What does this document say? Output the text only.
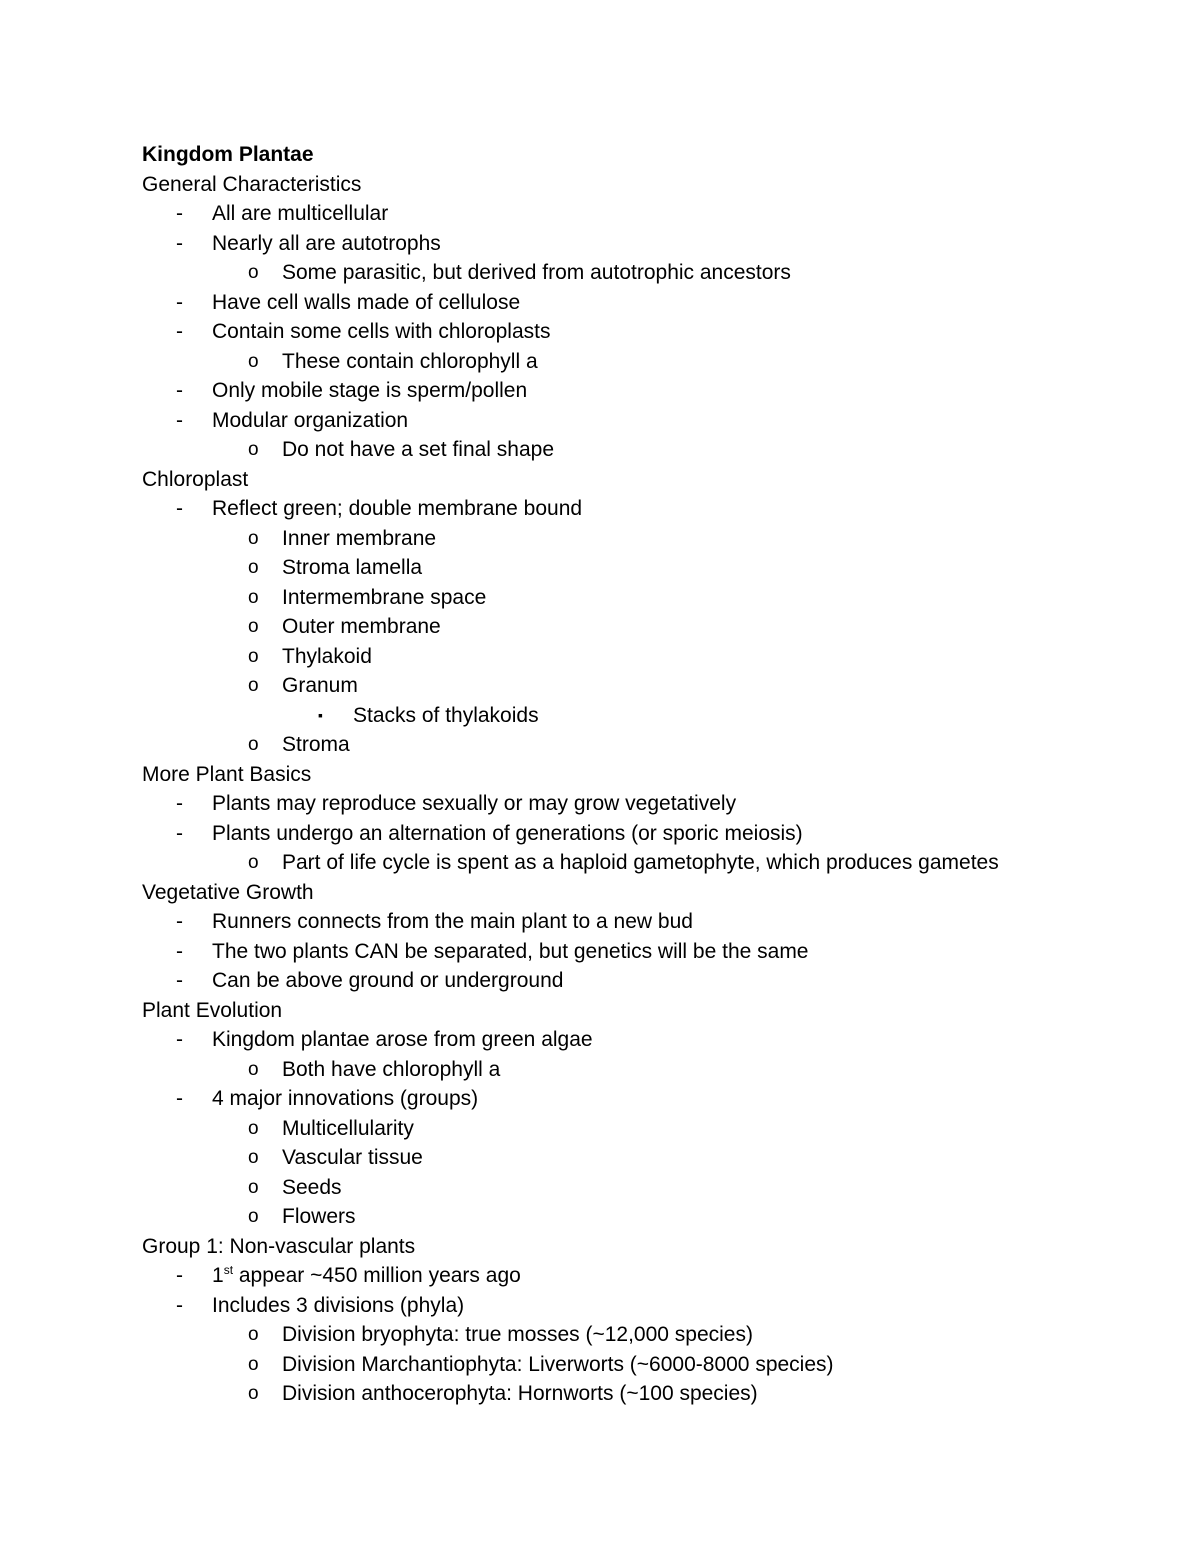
Kingdom Plantae
General Characteristics
- All are multicellular
- Nearly all are autotrophs
o Some parasitic, but derived from autotrophic ancestors
- Have cell walls made of cellulose
- Contain some cells with chloroplasts
o These contain chlorophyll a
- Only mobile stage is sperm/pollen
- Modular organization
o Do not have a set final shape
Chloroplast
- Reflect green; double membrane bound
o Inner membrane
o Stroma lamella
o Intermembrane space
o Outer membrane
o Thylakoid
o Granum
▪ Stacks of thylakoids
o Stroma
More Plant Basics
- Plants may reproduce sexually or may grow vegetatively
- Plants undergo an alternation of generations (or sporic meiosis)
o Part of life cycle is spent as a haploid gametophyte, which produces gametes
Vegetative Growth
- Runners connects from the main plant to a new bud
- The two plants CAN be separated, but genetics will be the same
- Can be above ground or underground
Plant Evolution
- Kingdom plantae arose from green algae
o Both have chlorophyll a
- 4 major innovations (groups)
o Multicellularity
o Vascular tissue
o Seeds
o Flowers
Group 1: Non-vascular plants
- 1st appear ~450 million years ago
- Includes 3 divisions (phyla)
o Division bryophyta: true mosses (~12,000 species)
o Division Marchantiophyta: Liverworts (~6000-8000 species)
o Division anthocerophyta: Hornworts (~100 species)
